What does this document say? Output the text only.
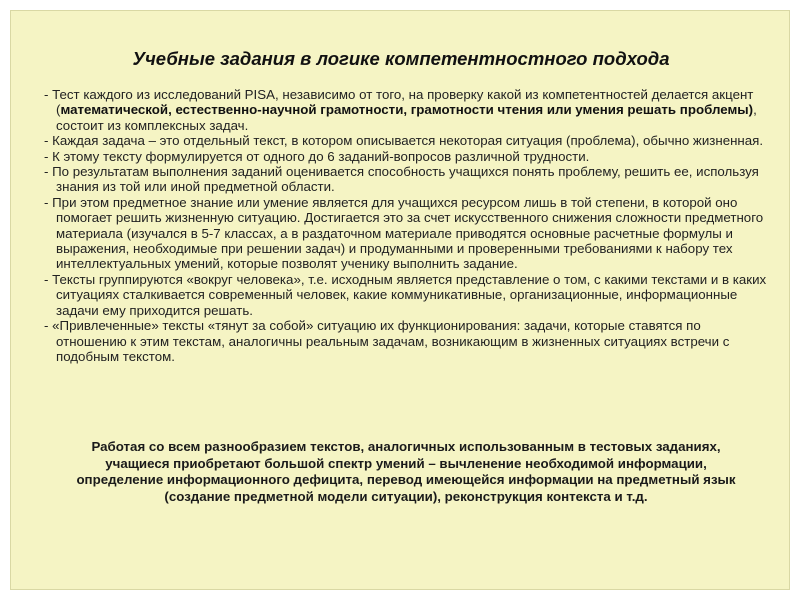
Учебные задания в логике компетентностного подхода

- Тест каждого из исследований PISA, независимо от того, на проверку какой из компетентностей делается акцент (математической, естественно-научной грамотности, грамотности чтения или умения решать проблемы), состоит из комплексных задач.

- Каждая задача – это отдельный текст, в котором описывается некоторая ситуация (проблема), обычно жизненная.

- К этому тексту формулируется от одного до 6 заданий-вопросов различной трудности.

- По результатам выполнения заданий оценивается способность учащихся понять проблему, решить ее, используя знания из той или иной предметной области.

- При этом предметное знание или умение является для учащихся ресурсом лишь в той степени, в которой оно помогает решить жизненную ситуацию. Достигается это за счет искусственного снижения сложности предметного материала (изучался в 5-7 классах, а в раздаточном материале приводятся основные расчетные формулы и выражения, необходимые при решении задач) и продуманными и проверенными требованиями к набору тех интеллектуальных умений, которые позволят ученику выполнить задание.

- Тексты группируются «вокруг человека», т.е. исходным является представление о том, с какими текстами и в каких ситуациях сталкивается современный человек, какие коммуникативные, организационные, информационные задачи ему приходится решать.

- «Привлеченные» тексты «тянут за собой» ситуацию их функционирования: задачи, которые ставятся по отношению к этим текстам, аналогичны реальным задачам, возникающим в жизненных ситуациях встречи с подобным текстом.

Работая со всем разнообразием текстов, аналогичных использованным в тестовых заданиях, учащиеся приобретают большой спектр умений – вычленение необходимой информации, определение информационного дефицита, перевод имеющейся информации на предметный язык (создание предметной модели ситуации), реконструкция контекста и т.д.
